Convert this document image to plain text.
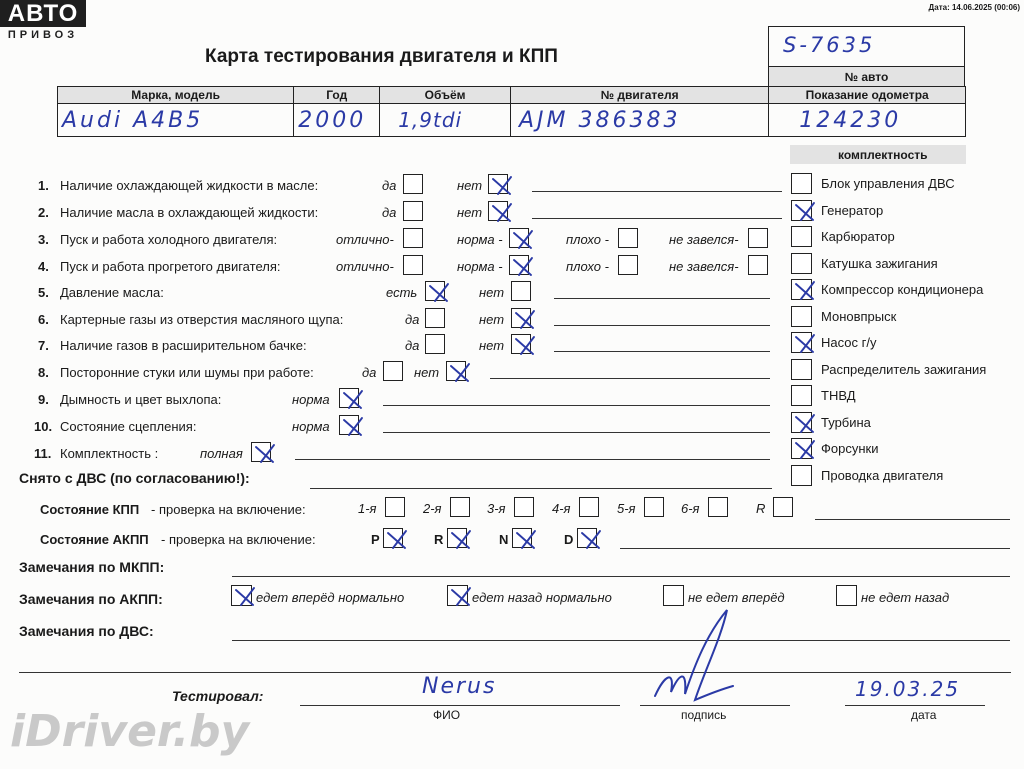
АВТО
ПРИВОЗ
Дата: 14.06.2025 (00:06)
Карта тестирования двигателя и КПП	S-7635
№ авто
Марка, модель	Год	Объём	№ двигателя	Показание одометра
Audi A4B5	2000	1,9tdi	AJM 386383	124230
комплектность
Блок управления ДВС
Генератор
Карбюратор
Катушка зажигания
Компрессор кондиционера
Моновпрыск
Насос г/у
Распределитель зажигания
ТНВД
Турбина
Форсунки
Проводка двигателя
1. Наличие охлаждающей жидкости в масле:	да	нет
2. Наличие масла в охлаждающей жидкости:	да	нет
3. Пуск и работа холодного двигателя:	отлично-	норма -	плохо -	не завелся-
4. Пуск и работа прогретого двигателя:	отлично-	норма -	плохо -	не завелся-
5. Давление масла:	есть	нет
6. Картерные газы из отверстия масляного щупа:	да	нет
7. Наличие газов в расширительном бачке:	да	нет
8. Посторонние стуки или шумы при работе:	да	нет
9. Дымность и цвет выхлопа:	норма
10. Состояние сцепления:	норма
11. Комплектность :	полная
Снято с ДВС (по согласованию!):
Состояние КПП - проверка на включение:	1-я	2-я	3-я	4-я	5-я	6-я	R
Состояние АКПП - проверка на включение:	P	R	N	D
Замечания по МКПП:
Замечания по АКПП:	едет вперёд нормально	едет назад нормально	не едет вперёд	не едет назад
Замечания по ДВС:
Тестировал:	Nerus
ФИО	подпись
19.03.25
дата
iDriver.by
